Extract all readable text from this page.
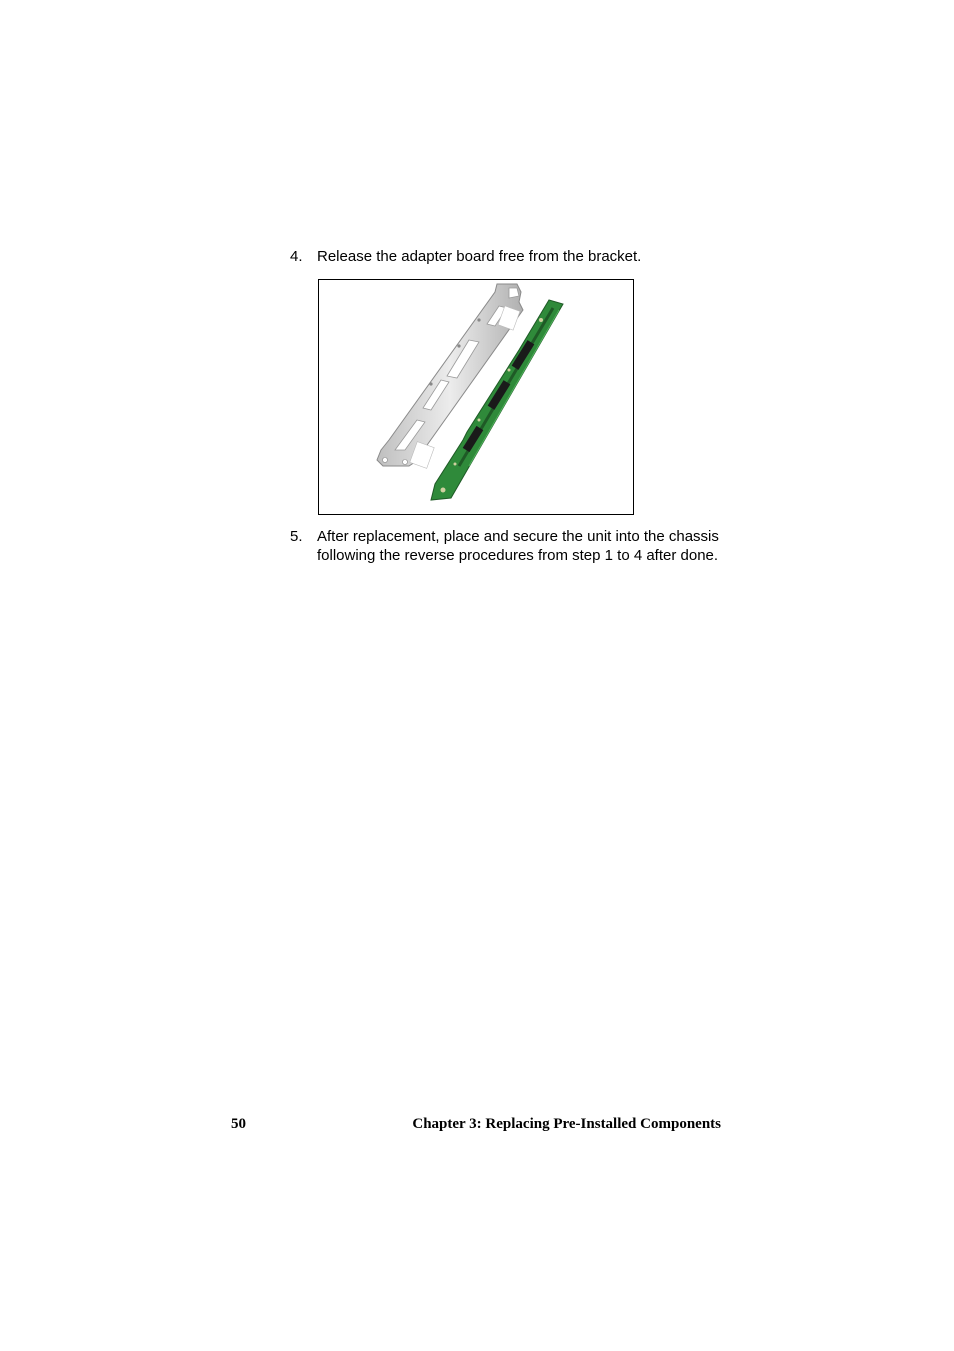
4. Release the adapter board free from the bracket.
5. After replacement, place and secure the unit into the chassis following the reverse procedures from step 1 to 4 after done.
50	Chapter 3: Replacing Pre-Installed Components
